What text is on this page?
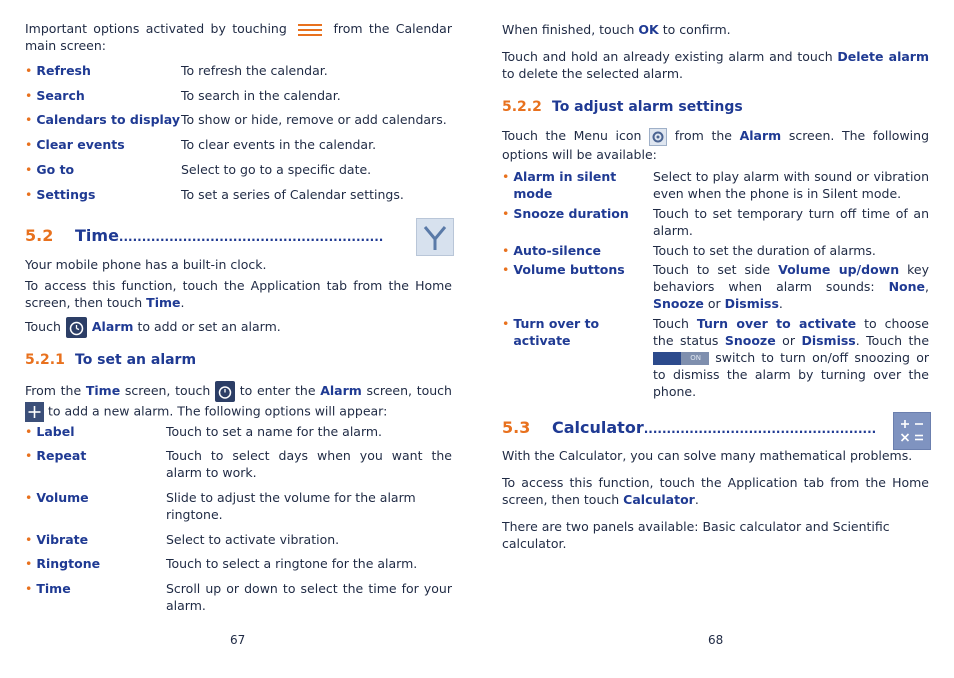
Important options activated by touching	from the Calendar main screen:
• Refresh	To refresh the calendar.
• Search	To search in the calendar.
• Calendars to display To show or hide, remove or add calendars.
• Clear events	To clear events in the calendar.
• Go to	Select to go to a specific date.
• Settings	To set a series of Calendar settings.
5.2 Time..........................................................
Your mobile phone has a built-in clock.
To access this function, touch the Application tab from the Home screen, then touch Time.
Touch Alarm to add or set an alarm.
5.2.1 To set an alarm
From the Time screen, touch to enter the Alarm screen, touch  to add a new alarm. The following options will appear:
• Label	Touch to set a name for the alarm.
• Repeat	Touch to select days when you want the alarm to work.
• Volume	Slide to adjust the volume for the alarm ringtone.
• Vibrate	Select to activate vibration.
• Ringtone	Touch to select a ringtone for the alarm.
• Time	Scroll up or down to select the time for your alarm.
67
When finished, touch OK to confirm.
Touch and hold an already existing alarm and touch Delete alarm to delete the selected alarm.
5.2.2 To adjust alarm settings
Touch the Menu icon	from the Alarm screen. The following options will be available:
• Alarm in silent mode
Select to play alarm with sound or vibration even when the phone is in Silent mode.
• Snooze duration Touch to set temporary turn off time of an alarm.
• Auto-silence	Touch to set the duration of alarms.
• Volume buttons Touch to set side Volume up/down key behaviors when alarm sounds: None, Snooze or Dismiss.
• Turn over to activate
Touch Turn over to activate to choose the status Snooze or Dismiss. Touch the
ON switch to turn on/off snoozing or to dismiss the alarm by turning over the phone.
5.3 Calculator...................................................
With the Calculator, you can solve many mathematical problems.
To access this function, touch the Application tab from the Home screen, then touch Calculator.
There are two panels available: Basic calculator and Scientific calculator.
68
